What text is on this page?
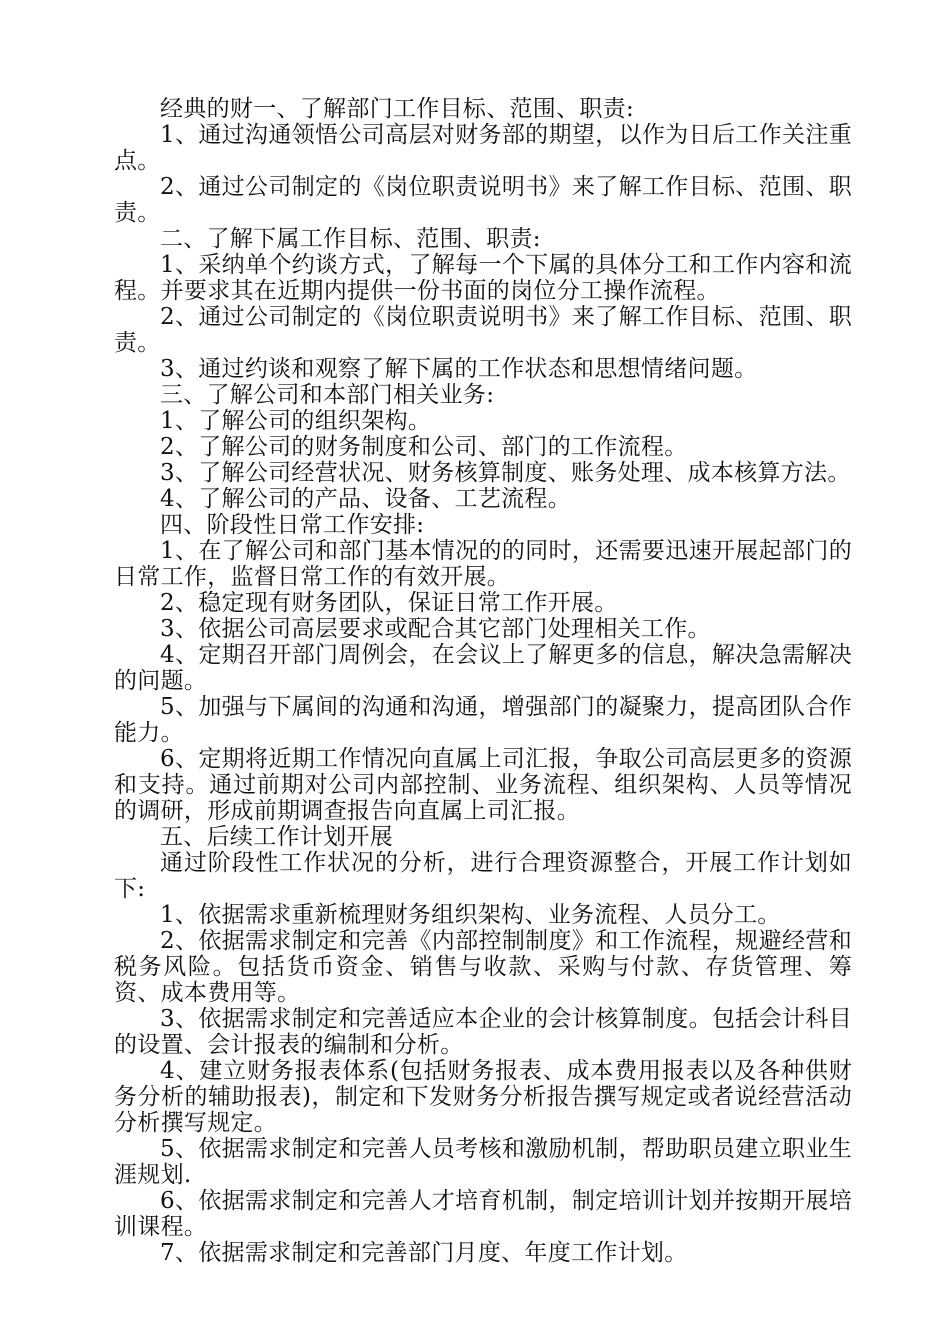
经典的财一、了解部门工作目标、范围、职责:

1、通过沟通领悟公司高层对财务部的期望，以作为日后工作关注重点。

2、通过公司制定的《岗位职责说明书》来了解工作目标、范围、职责。

二、了解下属工作目标、范围、职责:

1、采纳单个约谈方式，了解每一个下属的具体分工和工作内容和流程。并要求其在近期内提供一份书面的岗位分工操作流程。

2、通过公司制定的《岗位职责说明书》来了解工作目标、范围、职责。

3、通过约谈和观察了解下属的工作状态和思想情绪问题。

三、了解公司和本部门相关业务:

1、了解公司的组织架构。

2、了解公司的财务制度和公司、部门的工作流程。

3、了解公司经营状况、财务核算制度、账务处理、成本核算方法。

4、了解公司的产品、设备、工艺流程。

四、阶段性日常工作安排:

1、在了解公司和部门基本情况的的同时，还需要迅速开展起部门的日常工作，监督日常工作的有效开展。

2、稳定现有财务团队，保证日常工作开展。

3、依据公司高层要求或配合其它部门处理相关工作。

4、定期召开部门周例会，在会议上了解更多的信息，解决急需解决的问题。

5、加强与下属间的沟通和沟通，增强部门的凝聚力，提高团队合作能力。

6、定期将近期工作情况向直属上司汇报，争取公司高层更多的资源和支持。通过前期对公司内部控制、业务流程、组织架构、人员等情况的调研，形成前期调查报告向直属上司汇报。

五、后续工作计划开展

通过阶段性工作状况的分析，进行合理资源整合，开展工作计划如下:

1、依据需求重新梳理财务组织架构、业务流程、人员分工。

2、依据需求制定和完善《内部控制制度》和工作流程，规避经营和税务风险。包括货币资金、销售与收款、采购与付款、存货管理、筹资、成本费用等。

3、依据需求制定和完善适应本企业的会计核算制度。包括会计科目的设置、会计报表的编制和分析。

4、建立财务报表体系(包括财务报表、成本费用报表以及各种供财务分析的辅助报表)，制定和下发财务分析报告撰写规定或者说经营活动分析撰写规定。

5、依据需求制定和完善人员考核和激励机制，帮助职员建立职业生涯规划.

6、依据需求制定和完善人才培育机制，制定培训计划并按期开展培训课程。

7、依据需求制定和完善部门月度、年度工作计划。
